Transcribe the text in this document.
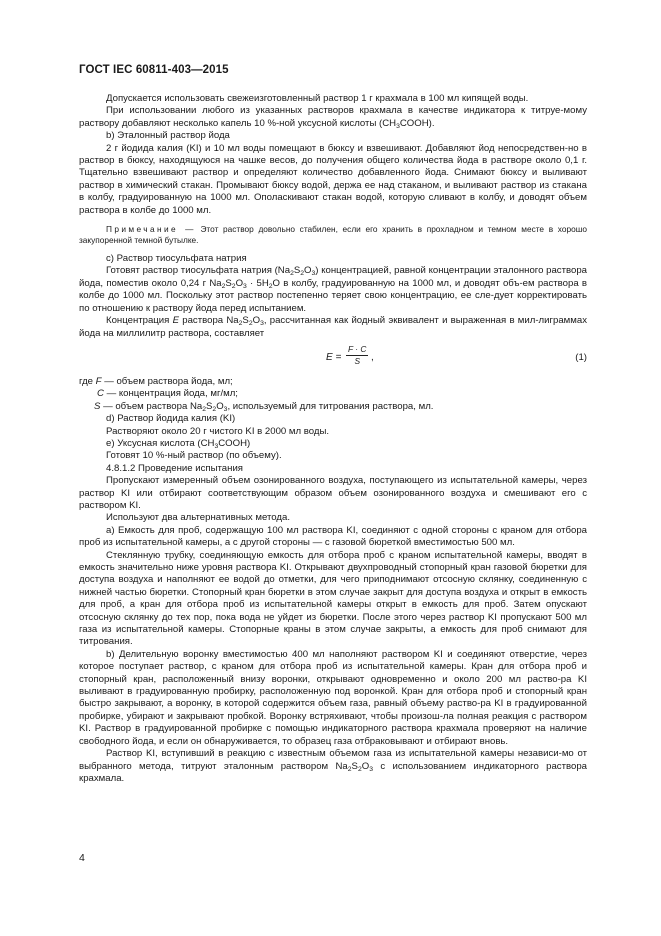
ГОСТ IEC 60811-403—2015

Допускается использовать свежеизготовленный раствор 1 г крахмала в 100 мл кипящей воды.

При использовании любого из указанных растворов крахмала в качестве индикатора к титруе-мому раствору добавляют несколько капель 10 %-ной уксусной кислоты $(CH_3COOH)$.

b) Эталонный раствор йода

2 г йодида калия (KI) и 10 мл воды помещают в бюксу и взвешивают. Добавляют йод непосредствен-но в раствор в бюксу, находящуюся на чашке весов, до получения общего количества йода в растворе около 0,1 г. Тщательно взвешивают раствор и определяют количество добавленного йода. Снимают бюксу и выливают раствор в химический стакан. Промывают бюксу водой, держа ее над стаканом, и выливают раствор из стакана в колбу, градуированную на 1000 мл. Ополаскивают стакан водой, которую сливают в колбу, и доводят объем раствора в колбе до 1000 мл.

Примечание — Этот раствор довольно стабилен, если его хранить в прохладном и темном месте в хорошо закупоренной темной бутылке.

c) Раствор тиосульфата натрия

Готовят раствор тиосульфата натрия $(Na_2S_2O_3)$ концентрацией, равной концентрации эталонного раствора йода, поместив около 0,24 г $Na_2S_2O_3 \cdot 5H_2O$ в колбу, градуированную на 1000 мл, и доводят объ-ем раствора в колбе до 1000 мл. Поскольку этот раствор постепенно теряет свою концентрацию, ее сле-дует корректировать по отношению к раствору йода перед испытанием.

Концентрация E раствора $Na_2S_2O_3$, рассчитанная как йодный эквивалент и выраженная в мил-лиграммах йода на миллилитр раствора, составляет

$E = \frac{F \cdot C}{S}$ ,	(1)
где F — объем раствора йода, мл;
C — концентрация йода, мг/мл;
S — объем раствора $Na_2S_2O_3$, используемый для титрования раствора, мл.

d) Раствор йодида калия (KI)

Растворяют около 20 г чистого KI в 2000 мл воды.

e) Уксусная кислота $(CH_3COOH)$

Готовят 10 %-ный раствор (по объему).

4.8.1.2 Проведение испытания

Пропускают измеренный объем озонированного воздуха, поступающего из испытательной камеры, через раствор KI или отбирают соответствующим образом объем озонированного воздуха и смешивают его с раствором KI.

Используют два альтернативных метода.

a) Емкость для проб, содержащую 100 мл раствора KI, соединяют с одной стороны с краном для отбора проб из испытательной камеры, а с другой стороны — с газовой бюреткой вместимостью 500 мл.

Стеклянную трубку, соединяющую емкость для отбора проб с краном испытательной камеры, вводят в емкость значительно ниже уровня раствора KI. Открывают двухпроводный стопорный кран газовой бюретки для доступа воздуха и наполняют ее водой до отметки, для чего приподнимают отсосную склянку, соединенную с нижней частью бюретки. Стопорный кран бюретки в этом случае закрыт для доступа воздуха и открыт в емкость для проб, а кран для отбора проб из испытательной камеры открыт в емкость для проб. Затем опускают отсосную склянку до тех пор, пока вода не уйдет из бюретки. После этого через раствор KI пропускают 500 мл газа из испытательной камеры. Стопорные краны в этом случае закрыты, а емкость для проб снимают для титрования.

b) Делительную воронку вместимостью 400 мл наполняют раствором KI и соединяют отверстие, через которое поступает раствор, с краном для отбора проб из испытательной камеры. Кран для отбора проб и стопорный кран, расположенный внизу воронки, открывают одновременно и около 200 мл раство-ра KI выливают в градуированную пробирку, расположенную под воронкой. Кран для отбора проб и стопорный кран быстро закрывают, а воронку, в которой содержится объем газа, равный объему раство-ра KI в градуированной пробирке, убирают и закрывают пробкой. Воронку встряхивают, чтобы произош-ла полная реакция с раствором KI. Раствор в градуированной пробирке с помощью индикаторного раствора крахмала проверяют на наличие свободного йода, и если он обнаруживается, то образец газа отбраковывают и отбирают вновь.

Раствор KI, вступивший в реакцию с известным объемом газа из испытательной камеры независи-мо от выбранного метода, титруют эталонным раствором $Na_2S_2O_3$ с использованием индикаторного раствора крахмала.

4
